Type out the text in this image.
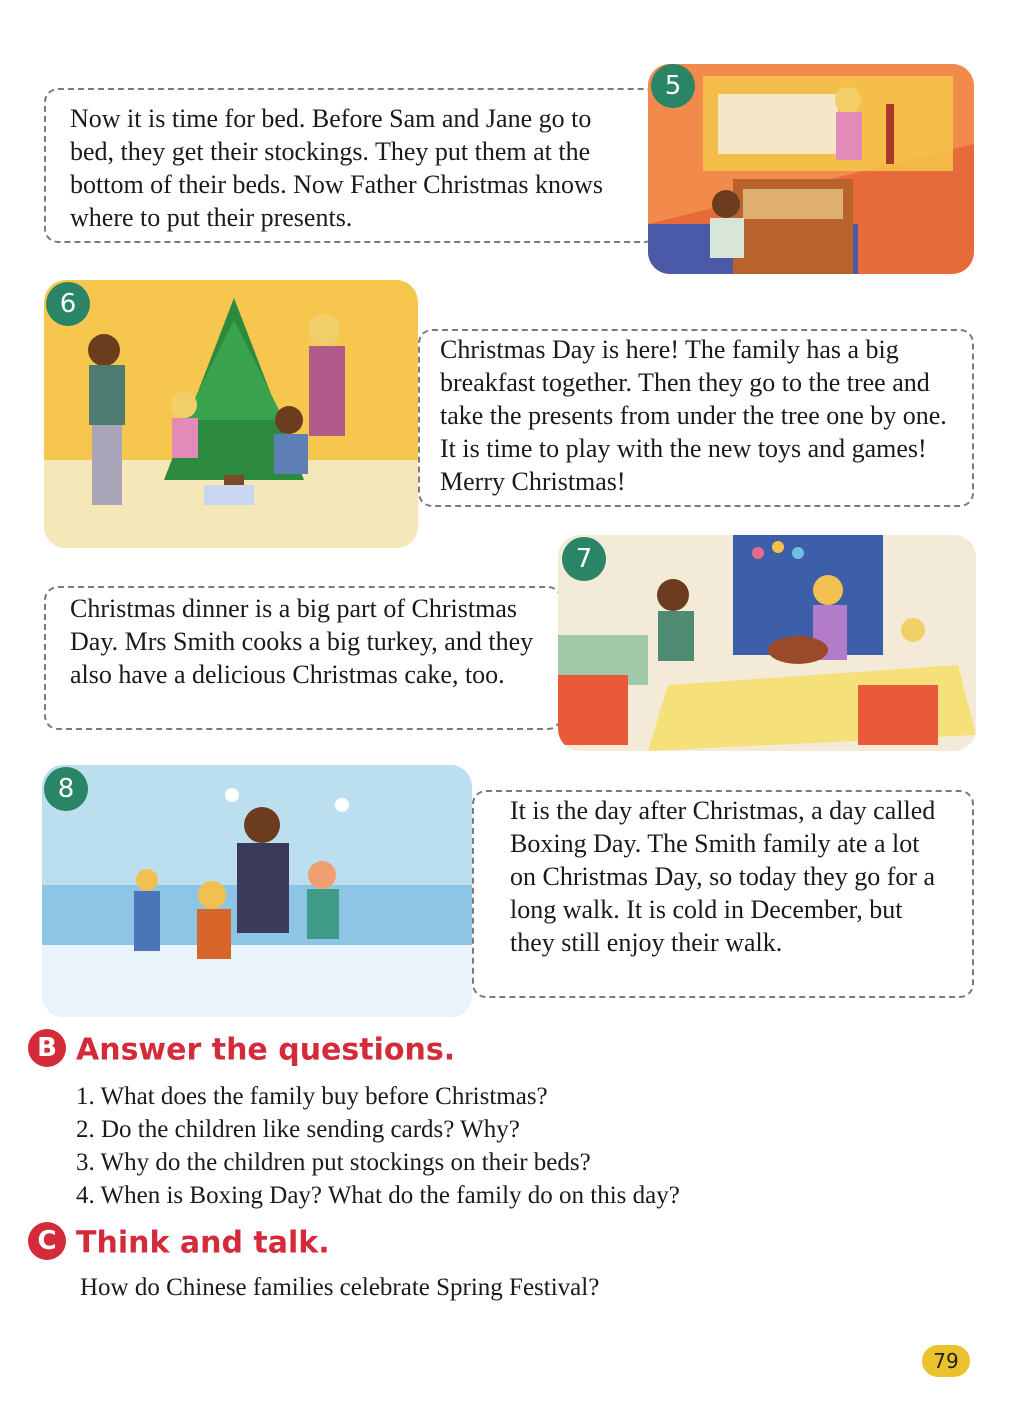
Now it is time for bed. Before Sam and Jane go to bed, they get their stockings. They put them at the bottom of their beds. Now Father Christmas knows where to put their presents.

5
6

Christmas Day is here! The family has a big breakfast together. Then they go to the tree and take the presents from under the tree one by one. It is time to play with the new toys and games! Merry Christmas!

Christmas dinner is a big part of Christmas Day. Mrs Smith cooks a big turkey, and they also have a delicious Christmas cake, too.

7
8

It is the day after Christmas, a day called Boxing Day. The Smith family ate a lot on Christmas Day, so today they go for a long walk. It is cold in December, but they still enjoy their walk.

B Answer the questions.
1. What does the family buy before Christmas?
2. Do the children like sending cards? Why?
3. Why do the children put stockings on their beds?
4. When is Boxing Day? What do the family do on this day?
C Think and talk.
How do Chinese families celebrate Spring Festival?
79
